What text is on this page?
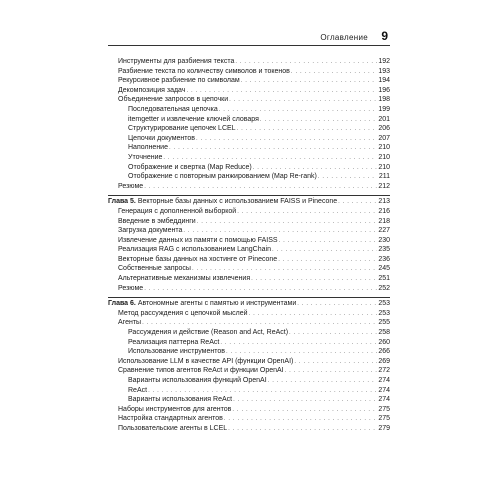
Оглавление 9
Инструменты для разбиения текста . . .	192
Разбиение текста по количеству символов и токенов . . .	193
Рекурсивное разбиение по символам . . .	194
Декомпозиция задач . . .	196
Объединение запросов в цепочки . . .	198
Последовательная цепочка . . .	199
itemgetter и извлечение ключей словаря . . .	201
Структурирование цепочек LCEL . . .	206
Цепочки документов . . .	207
Наполнение . . .	210
Уточнение . . .	210
Отображение и свертка (Map Reduce) . . .	210
Отображение с повторным ранжированием (Map Re-rank) . . .	211
Резюме . . .	212
Глава 5. Векторные базы данных с использованием FAISS и Pinecone . . .	213
Генерация с дополненной выборкой . . .	216
Введение в эмбеддинги . . .	218
Загрузка документа . . .	227
Извлечение данных из памяти с помощью FAISS . . .	230
Реализация RAG с использованием LangChain . . .	235
Векторные базы данных на хостинге от Pinecone . . .	236
Собственные запросы . . .	245
Альтернативные механизмы извлечения . . .	251
Резюме . . .	252
Глава 6. Автономные агенты с памятью и инструментами . . .	253
Метод рассуждения с цепочкой мыслей . . .	253
Агенты . . .	255
Рассуждения и действие (Reason and Act, ReAct) . . .	258
Реализация паттерна ReAct . . .	260
Использование инструментов . . .	266
Использование LLM в качестве API (функции OpenAI) . . .	269
Сравнение типов агентов ReAct и функции OpenAI . . .	272
Варианты использования функций OpenAI . . .	274
ReAct . . .	274
Варианты использования ReAct . . .	274
Наборы инструментов для агентов . . .	275
Настройка стандартных агентов . . .	275
Пользовательские агенты в LCEL . . .	279
